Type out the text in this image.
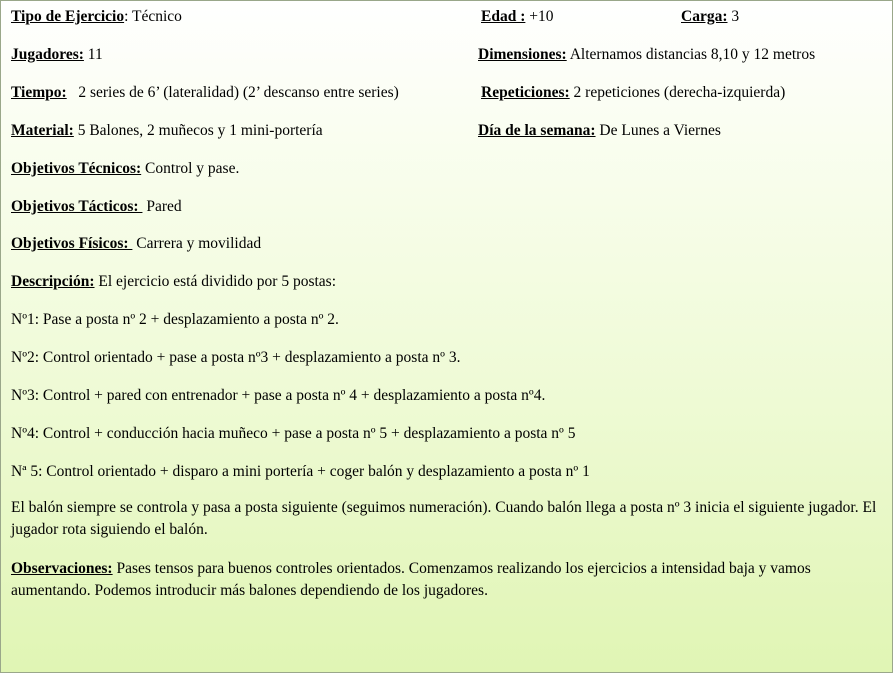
Tipo de Ejercicio: Técnico	Edad : +10	Carga: 3
Jugadores: 11	Dimensiones: Alternamos distancias 8,10 y 12 metros
Tiempo:   2 series de 6’ (lateralidad) (2’ descanso entre series)	Repeticiones: 2 repeticiones (derecha-izquierda)
Material: 5 Balones, 2 muñecos y 1 mini-portería	Día de la semana: De Lunes a Viernes
Objetivos Técnicos: Control y pase.
Objetivos Tácticos:  Pared
Objetivos Físicos:  Carrera y movilidad
Descripción: El ejercicio está dividido por 5 postas:
Nº1: Pase a posta nº 2 + desplazamiento a posta nº 2.
Nº2: Control orientado + pase a posta nº3 + desplazamiento a posta nº 3.
Nº3: Control + pared con entrenador + pase a posta nº 4 + desplazamiento a posta nº4.
Nº4: Control + conducción hacia muñeco + pase a posta nº 5 + desplazamiento a posta nº 5
Nª 5: Control orientado + disparo a mini portería + coger balón y desplazamiento a posta nº 1
El balón siempre se controla y pasa a posta siguiente (seguimos numeración). Cuando balón llega a posta nº 3 inicia el siguiente jugador. El jugador rota siguiendo el balón.
Observaciones: Pases tensos para buenos controles orientados. Comenzamos realizando los ejercicios a intensidad baja y vamos aumentando. Podemos introducir más balones dependiendo de los jugadores.
